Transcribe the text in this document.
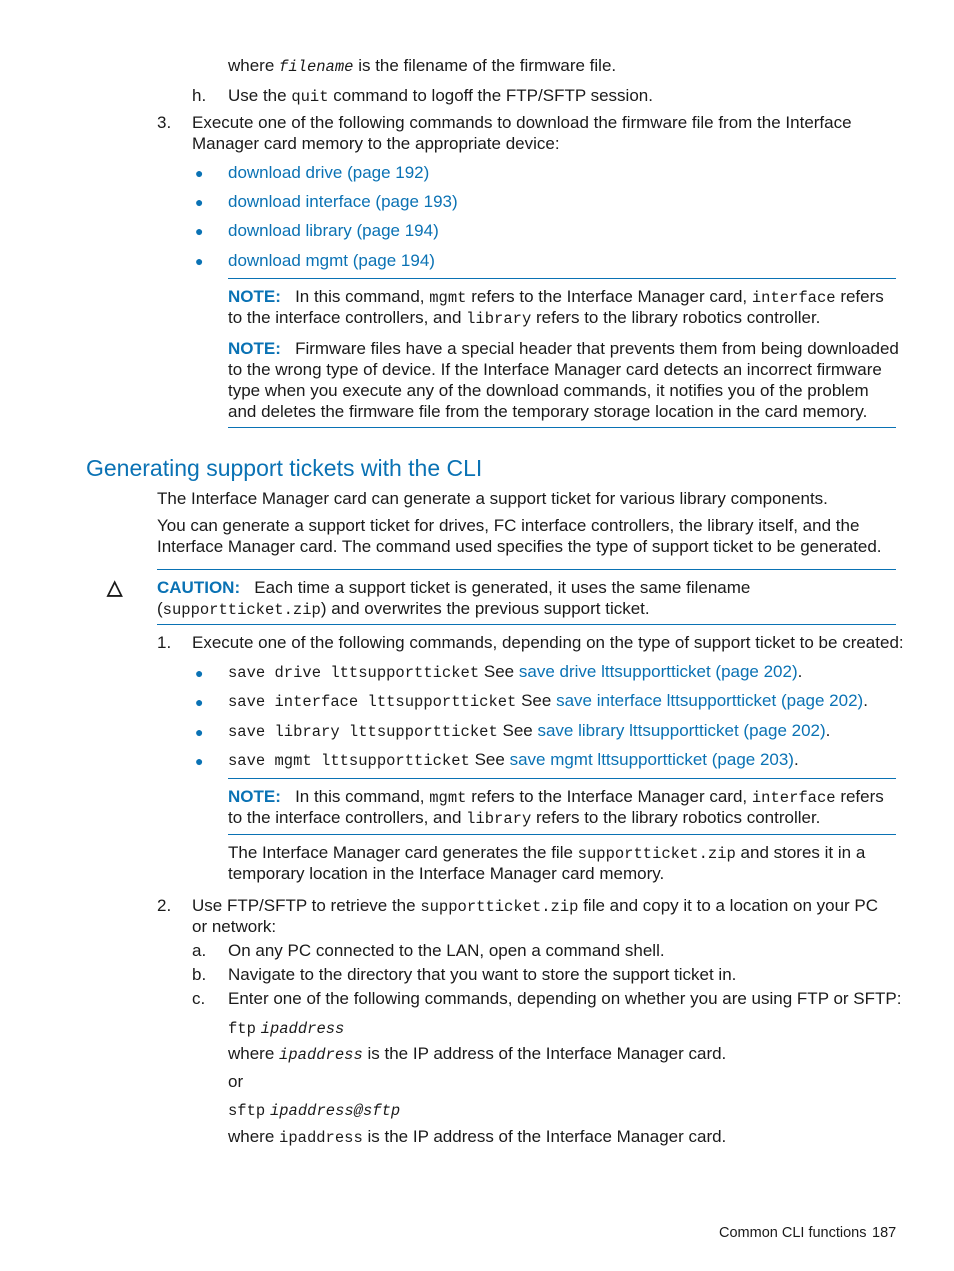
where filename is the filename of the firmware file.
h. Use the quit command to logoff the FTP/SFTP session.
3. Execute one of the following commands to download the firmware file from the Interface
Manager card memory to the appropriate device:
● download drive (page 192)
● download interface (page 193)
● download library (page 194)
● download mgmt (page 194)
NOTE: In this command, mgmt refers to the Interface Manager card, interface refers
to the interface controllers, and library refers to the library robotics controller.
NOTE: Firmware files have a special header that prevents them from being downloaded
to the wrong type of device. If the Interface Manager card detects an incorrect firmware
type when you execute any of the download commands, it notifies you of the problem
and deletes the firmware file from the temporary storage location in the card memory.
Generating support tickets with the CLI
The Interface Manager card can generate a support ticket for various library components.
You can generate a support ticket for drives, FC interface controllers, the library itself, and the
Interface Manager card. The command used specifies the type of support ticket to be generated.
△ CAUTION: Each time a support ticket is generated, it uses the same filename
(supportticket.zip) and overwrites the previous support ticket.
1. Execute one of the following commands, depending on the type of support ticket to be created:
● save drive lttsupportticket See save drive lttsupportticket (page 202).
● save interface lttsupportticket See save interface lttsupportticket (page 202).
● save library lttsupportticket See save library lttsupportticket (page 202).
● save mgmt lttsupportticket See save mgmt lttsupportticket (page 203).
NOTE: In this command, mgmt refers to the Interface Manager card, interface refers
to the interface controllers, and library refers to the library robotics controller.
The Interface Manager card generates the file supportticket.zip and stores it in a
temporary location in the Interface Manager card memory.
2. Use FTP/SFTP to retrieve the supportticket.zip file and copy it to a location on your PC
or network:
a. On any PC connected to the LAN, open a command shell.
b. Navigate to the directory that you want to store the support ticket in.
c. Enter one of the following commands, depending on whether you are using FTP or SFTP:
ftp ipaddress
where ipaddress is the IP address of the Interface Manager card.
or
sftp ipaddress@sftp
where ipaddress is the IP address of the Interface Manager card.
Common CLI functions 187
